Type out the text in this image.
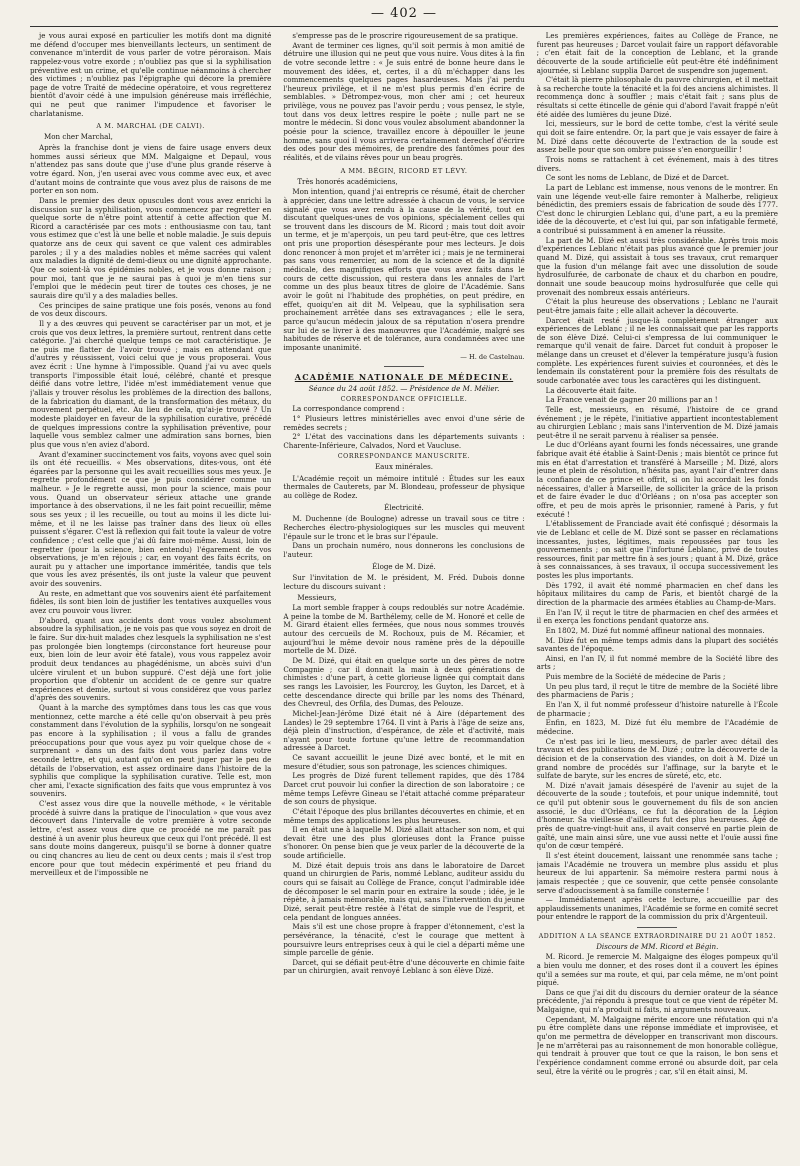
— 402 —

je vous aurai exposé en particulier les motifs dont ma dignité me défend d'occuper mes bienveillants lecteurs, un sentiment de convenance m'interdit de vous parler de votre péroraison. Mais rappelez-vous votre exorde ; n'oubliez pas que si la syphilisation préventive est un crime, et qu'elle continue néanmoins à chercher des victimes ; n'oubliez pas l'épigraphe qui décore la première page de votre Traité de médecine opératoire, et vous regretterez bientôt d'avoir cédé à une impulsion généreuse mais irréfléchie, qui ne peut que ranimer l'impudence et favoriser le charlatanisme.

A M. MARCHAL (DE CALVI).

Mon cher Marchal,

Après la franchise dont je viens de faire usage envers deux hommes aussi sérieux que MM. Malgaigne et Depaul, vous n'attendez pas sans doute que j'use d'une plus grande réserve à votre égard. Non, j'en userai avec vous comme avec eux, et avec d'autant moins de contrainte que vous avez plus de raisons de me porter en son nom.

Dans le premier des deux opuscules dont vous avez enrichi la discussion sur la syphilisation, vous commencez par regretter en quelque sorte de n'être point attentif à cette affection que M. Ricord a caractérisée par ces mots : enthousiasme con tau, tant vous estimez que c'est là une belle et noble maladie. Je suis depuis quatorze ans de ceux qui savent ce que valent ces admirables paroles ; il y a des maladies nobles et même sacrées qui valent aux maladies la dignité de demi-dieux ou une dignité approchante. Que ce soient-là vos épidémies nobles, et je vous donne raison ; pour moi, tant que je ne saurai pas à quoi je m'en tiens sur l'emploi que le médecin peut tirer de toutes ces choses, je ne saurais dire qu'il y a des maladies belles.

Ces principes de saine pratique une fois posés, venons au fond de vos deux discours.

Il y a des œuvres qui peuvent se caractériser par un mot, et je crois que vos deux lettres, la première surtout, rentrent dans cette catégorie. J'ai cherché quelque temps ce mot caractéristique. Je ne puis me flatter de l'avoir trouvé ; mais en attendant que d'autres y réussissent, voici celui que je vous proposerai. Vous avez écrit : Une hymne à l'impossible. Quand j'ai vu avec quels transports l'impossible était loué, célébré, chanté et presque déifié dans votre lettre, l'idée m'est immédiatement venue que j'allais y trouver résolus les problèmes de la direction des ballons, de la fabrication du diamant, de la transformation des métaux, du mouvement perpétuel, etc. Au lieu de cela, qu'ai-je trouvé ? Un modeste plaidoyer en faveur de la syphilisation curative, précédé de quelques impressions contre la syphilisation préventive, pour laquelle vous semblez calmer une admiration sans bornes, bien plus que vous n'en aviez d'abord.

Avant d'examiner succinctement vos faits, voyons avec quel soin ils ont été recueillis. « Mes observations, dites-vous, ont été égarées par la personne qui les avait recueillies sous mes yeux. Je regrette profondément ce que je puis considérer comme un malheur. » Je le regrette aussi, mon pour la science, mais pour vous. Quand un observateur sérieux attache une grande importance à des observations, il ne les fait point recueillir, même sous ses yeux ; il les recueille, ou tout au moins il les dicte lui-même, et il ne les laisse pas traîner dans des lieux où elles puissent s'égarer. C'est là reflexion qui fait toute la valeur de votre confidence ; c'est celle que j'ai dû faire moi-même. Aussi, loin de regretter (pour la science, bien entendu) l'égarement de vos observations, je m'en réjouis ; car, en voyant des faits écrits, on aurait pu y attacher une importance imméritée, tandis que tels que vous les avez présentés, ils ont juste la valeur que peuvent avoir des souvenirs.

Au reste, en admettant que vos souvenirs aient été parfaitement fidèles, ils sont bien loin de justifier les tentatives auxquelles vous avez cru pouvoir vous livrer.

D'abord, quant aux accidents dont vous voulez absolument absoudre la syphilisation, je ne vois pas que vous soyez en droit de le faire. Sur dix-huit malades chez lesquels la syphilisation ne s'est pas prolongée bien longtemps (circonstance fort heureuse pour eux, bien loin de leur avoir été fatale), vous vous rappelez avoir produit deux tendances au phagédénisme, un abcès suivi d'un ulcère virulent et un bubon suppuré. C'est déjà une fort jolie proportion que d'obtenir un accident de ce genre sur quatre expériences et demie, surtout si vous considérez que vous parlez d'après des souvenirs.

Quant à la marche des symptômes dans tous les cas que vous mentionnez, cette marche a été celle qu'on observait à peu près constamment dans l'évolution de la syphilis, lorsqu'on ne songeait pas encore à la syphilisation ; il vous a fallu de grandes préoccupations pour que vous ayez pu voir quelque chose de « surprenant » dans un des faits dont vous parlez dans votre seconde lettre, et qui, autant qu'on en peut juger par le peu de détails de l'observation, est assez ordinaire dans l'histoire de la syphilis que complique la syphilisation curative. Telle est, mon cher ami, l'exacte signification des faits que vous empruntez à vos souvenirs.

C'est assez vous dire que la nouvelle méthode, « le véritable procédé à suivre dans la pratique de l'inoculation » que vous avez découvert dans l'intervalle de votre première à votre seconde lettre, c'est assez vous dire que ce procédé ne me paraît pas destiné à un avenir plus heureux que ceux qui l'ont précédé. Il est sans doute moins dangereux, puisqu'il se borne à donner quatre ou cinq chancres au lieu de cent ou deux cents ; mais il s'est trop encore pour que tout médecin expérimenté et peu friand du merveilleux et de l'impossible ne

s'empresse pas de le proscrire rigoureusement de sa pratique.

Avant de terminer ces lignes, qu'il soit permis à mon amitié de détruire une illusion qui ne peut que vous nuire. Vous dites à la fin de votre seconde lettre : « Je suis entré de bonne heure dans le mouvement des idées, et, certes, il a dû m'échapper dans les commencements quelques pages hasardeuses. Mais j'ai perdu l'heureux privilège, et il ne m'est plus permis d'en écrire de semblables. » Détrompez-vous, mon cher ami ; cet heureux privilège, vous ne pouvez pas l'avoir perdu ; vous pensez, le style, tout dans vos deux lettres respire le poète ; nulle part ne se montre le médecin. Si donc vous voulez absolument abandonner la poésie pour la science, travaillez encore à dépouiller le jeune homme, sans quoi il vous arrivera certainement derechef d'écrire des odes pour des mémoires, de prendre des fantômes pour des réalités, et de vilains rêves pour un beau progrès.

A MM. BÉGIN, RICORD ET LÉVY.

Très honorés académiciens,

Mon intention, quand j'ai entrepris ce résumé, était de chercher à apprécier, dans une lettre adressée à chacun de vous, le service signalé que vous avez rendu à la cause de la vérité, tout en discutant quelques-unes de vos opinions, spécialement celles qui se trouvent dans les discours de M. Ricord ; mais tout doit avoir un terme, et je m'aperçois, un peu tard peut-être, que ces lettres ont pris une proportion désespérante pour mes lecteurs. Je dois donc renoncer à mon projet et m'arrêter ici ; mais je ne terminerai pas sans vous remercier, au nom de la science et de la dignité médicale, des magnifiques efforts que vous avez faits dans le cours de cette discussion, qui restera dans les annales de l'art comme un des plus beaux titres de gloire de l'Académie. Sans avoir le goût ni l'habitude des prophéties, on peut prédire, en effet, quoiqu'en ait dit M. Velpeau, que la syphilisation sera prochainement arrêtée dans ses extravagances ; elle le sera, parce qu'aucun médecin jaloux de sa réputation n'osera prendre sur lui de se livrer à des manœuvres que l'Académie, malgré ses habitudes de réserve et de tolérance, aura condamnées avec une imposante unanimité.

— H. de Castelnau.

ACADÉMIE NATIONALE DE MÉDECINE.

Séance du 24 août 1852. — Présidence de M. Mélier.

CORRESPONDANCE OFFICIELLE.

La correspondance comprend :

1° Plusieurs lettres ministérielles avec envoi d'une série de remèdes secrets ;

2° L'état des vaccinations dans les départements suivants : Charente-Inférieure, Calvados, Nord et Vaucluse.

CORRESPONDANCE MANUSCRITE.

Eaux minérales.

L'Académie reçoit un mémoire intitulé : Études sur les eaux thermales de Cauterets, par M. Blondeau, professeur de physique au collège de Rodez.

Électricité.

M. Duchenne (de Boulogne) adresse un travail sous ce titre : Recherches électro-physiologiques sur les muscles qui meuvent l'épaule sur le tronc et le bras sur l'épaule.

Dans un prochain numéro, nous donnerons les conclusions de l'auteur.

Éloge de M. Dizé.

Sur l'invitation de M. le président, M. Fréd. Dubois donne lecture du discours suivant :

Messieurs,

La mort semble frapper à coups redoublés sur notre Académie. A peine la tombe de M. Barthélemy, celle de M. Honoré et celle de M. Girard étaient elles fermées, que nous nous sommes trouvés autour des cercueils de M. Rochoux, puis de M. Récamier, et aujourd'hui le même devoir nous ramène près de la dépouille mortelle de M. Dizé.

De M. Dizé, qui était en quelque sorte un des pères de notre Compagnie ; car il donnait la main à deux générations de chimistes : d'une part, à cette glorieuse lignée qui comptait dans ses rangs les Lavoisier, les Fourcroy, les Guyton, les Darcet, et à cette descendance directe qui brille par les noms des Thénard, des Chevreul, des Orfila, des Dumas, des Pelouze.

Michel-Jean-Jérôme Dizé était né à Aire (département des Landes) le 29 septembre 1764. Il vint à Paris à l'âge de seize ans, déjà plein d'instruction, d'espérance, de zèle et d'activité, mais n'ayant pour toute fortune qu'une lettre de recommandation adressée à Darcet.

Ce savant accueillit le jeune Dizé avec bonté, et le mit en mesure d'étudier, sous son patronage, les sciences chimiques.

Les progrès de Dizé furent tellement rapides, que dès 1784 Darcet crut pouvoir lui confier la direction de son laboratoire ; ce même temps Lefèvre Gineau se l'était attaché comme préparateur de son cours de physique.

C'était l'époque des plus brillantes découvertes en chimie, et en même temps des applications les plus heureuses.

Il en était une à laquelle M. Dizé allait attacher son nom, et qui devait être une des plus glorieuses dont la France puisse s'honorer. On pense bien que je veux parler de la découverte de la soude artificielle.

M. Dizé était depuis trois ans dans le laboratoire de Darcet quand un chirurgien de Paris, nommé Leblanc, auditeur assidu du cours qui se faisait au Collège de France, conçut l'admirable idée de décomposer le sel marin pour en extraire la soude ; idée, je le répète, à jamais mémorable, mais qui, sans l'intervention du jeune Dizé, serait peut-être restée à l'état de simple vue de l'esprit, et cela pendant de longues années.

Mais s'il est une chose propre à frapper d'étonnement, c'est la persévérance, la ténacité, c'est le courage que mettent à poursuivre leurs entreprises ceux à qui le ciel a départi même une simple parcelle de génie.

Darcet, qui se défiait peut-être d'une découverte en chimie faite par un chirurgien, avait renvoyé Leblanc à son élève Dizé.

Les premières expériences, faites au Collège de France, ne furent pas heureuses ; Darcet voulait faire un rapport défavorable ; c'en était fait de la conception de Leblanc, et la grande découverte de la soude artificielle eût peut-être été indéfiniment ajournée, si Leblanc supplia Darcet de suspendre son jugement.

C'était là pierre philosophale du pauvre chirurgien, et il mettait à sa recherche toute la ténacité et la foi des anciens alchimistes. Il recommença donc à souffler ; mais c'était fait ; sans plus de résultats si cette étincelle de génie qui d'abord l'avait frappé n'eût été aidée des lumières du jeune Dizé.

Ici, messieurs, sur le bord de cette tombe, c'est la vérité seule qui doit se faire entendre. Or, la part que je vais essayer de faire à M. Dizé dans cette découverte de l'extraction de la soude est assez belle pour que son ombre puisse s'en enorgueillir !

Trois noms se rattachent à cet événement, mais à des titres divers.

Ce sont les noms de Leblanc, de Dizé et de Darcet.

La part de Leblanc est immense, nous venons de le montrer. En vain une légende veut-elle faire remonter à Malherbe, religieux bénédictin, des premiers essais de fabrication de soude dès 1777. C'est donc le chirurgien Leblanc qui, d'une part, a eu la première idée de la découverte, et c'est lui qui, par son infatigable fermeté, a contribué si puissamment à en amener la réussite.

La part de M. Dizé est aussi très considérable. Après trois mois d'expériences Leblanc n'était pas plus avancé que le premier jour quand M. Dizé, qui assistait à tous ses travaux, crut remarquer que la fusion d'un mélange fait avec une dissolution de soude hydrosulfurée, de carbonate de chaux et du charbon en poudre, donnait une soude beaucoup moins hydrosulfurée que celle qui provenait des nombreux essais antérieurs.

C'était la plus heureuse des observations ; Leblanc ne l'aurait peut-être jamais faite ; elle allait achever la découverte.

Darcet était resté jusque-là complètement étranger aux expériences de Leblanc ; il ne les connaissait que par les rapports de son élève Dizé. Celui-ci s'empressa de lui communiquer le remarque qu'il venait de faire. Darcet fut conduit à proposer le mélange dans un creuset et d'élever la température jusqu'à fusion complète. Les expériences furent suivies et couronnées, et dès le lendemain ils constatèrent pour la première fois des résultats de soude carbonatée avec tous les caractères qui les distinguent.

La découverte était faite.

La France venait de gagner 20 millions par an !

Telle est, messieurs, en résumé, l'histoire de ce grand événement ; je le répète, l'initiative appartient incontestablement au chirurgien Leblanc ; mais sans l'intervention de M. Dizé jamais peut-être il ne serait parvenu à réaliser sa pensée.

Le duc d'Orléans ayant fourni les fonds nécessaires, une grande fabrique avait été établie à Saint-Denis ; mais bientôt ce prince fut mis en état d'arrestation et transféré à Marseille ; M. Dizé, alors jeune et plein de résolution, n'hésita pas, ayant l'air d'entrer dans la confiance de ce prince et offrit, si on lui accordait les fonds nécessaires, d'aller à Marseille, de solliciter la grâce de la prison et de faire évader le duc d'Orléans ; on n'osa pas accepter son offre, et peu de mois après le prisonnier, ramené à Paris, y fut exécuté !

L'établissement de Franciade avait été confisqué ; désormais la vie de Leblanc et celle de M. Dizé sont se passer en réclamations incessantes, justes, légitimes, mais repoussées par tous les gouvernements ; on sait que l'infortuné Leblanc, privé de toutes ressources, finit par mettre fin à ses jours ; quant à M. Dizé, grâce à ses connaissances, à ses travaux, il occupa successivement les postes les plus importants.

Dès 1792, il avait été nommé pharmacien en chef dans les hôpitaux militaires du camp de Paris, et bientôt chargé de la direction de la pharmacie des armées établies au Champ-de-Mars.

En l'an IV, il reçut le titre de pharmacien en chef des armées et il en exerça les fonctions pendant quatorze ans.

En 1802, M. Dizé fut nommé affineur national des monnaies.

M. Dizé fut en même temps admis dans la plupart des sociétés savantes de l'époque.

Ainsi, en l'an IV, il fut nommé membre de la Société libre des arts ;

Puis membre de la Société de médecine de Paris ;

Un peu plus tard, il reçut le titre de membre de la Société libre des pharmaciens de Paris ;

En l'an X, il fut nommé professeur d'histoire naturelle à l'École de pharmacie ;

Enfin, en 1823, M. Dizé fut élu membre de l'Académie de médecine.

Ce n'est pas ici le lieu, messieurs, de parler avec détail des travaux et des publications de M. Dizé ; outre la découverte de la décision et de la conservation des viandes, on doit à M. Dizé un grand nombre de procédés sur l'affinage, sur la baryte et le sulfate de baryte, sur les encres de sûreté, etc, etc.

M. Dizé n'avait jamais désespéré de l'avenir au sujet de la découverte de la soude ; toutefois, et pour unique indemnité, tout ce qu'il put obtenir sous le gouvernement du fils de son ancien associé, le duc d'Orléans, ce fut la décoration de la Légion d'honneur. Sa vieillesse d'ailleurs fut des plus heureuses. Âgé de près de quatre-vingt-huit ans, il avait conservé en partie plein de gaîté, une main ainsi sûre, une vue aussi nette et l'ouïe aussi fine qu'on de cœur tempéré.

Il s'est éteint doucement, laissant une renommée sans tache ; jamais l'Académie ne trouvera un membre plus assidu et plus heureux de lui appartenir. Sa mémoire restera parmi nous à jamais respectée ; que ce souvenir, que cette pensée consolante serve d'adoucissement à sa famille consternée !

— Immédiatement après cette lecture, accueillie par des applaudissements unanimes, l'Académie se forme en comité secret pour entendre le rapport de la commission du prix d'Argenteuil.

ADDITION A LA SÉANCE EXTRAORDINAIRE DU 21 AOÛT 1852.

Discours de MM. Ricord et Bégin.

M. Ricord. Je remercie M. Malgaigne des éloges pompeux qu'il a bien voulu me donner, et des roses dont il a couvert les épines qu'il a semées sur ma route, et qui, par cela même, ne m'ont point piqué.

Dans ce que j'ai dit du discours du dernier orateur de la séance précédente, j'ai répondu à presque tout ce que vient de répéter M. Malgaigne, qui n'a produit ni faits, ni arguments nouveaux.

Cependant, M. Malgaigne mérite encore une réfutation qui n'a pu être complète dans une réponse immédiate et improvisée, et qu'on me permettra de développer en transcrivant mon discours. Je ne m'arrêterai pas au raisonnement de mon honorable collègue, qui tendrait à prouver que tout ce que la raison, le bon sens et l'expérience condamnent comme erroné ou absurde doit, par cela seul, être la vérité ou le progrès ; car, s'il en était ainsi, M.
